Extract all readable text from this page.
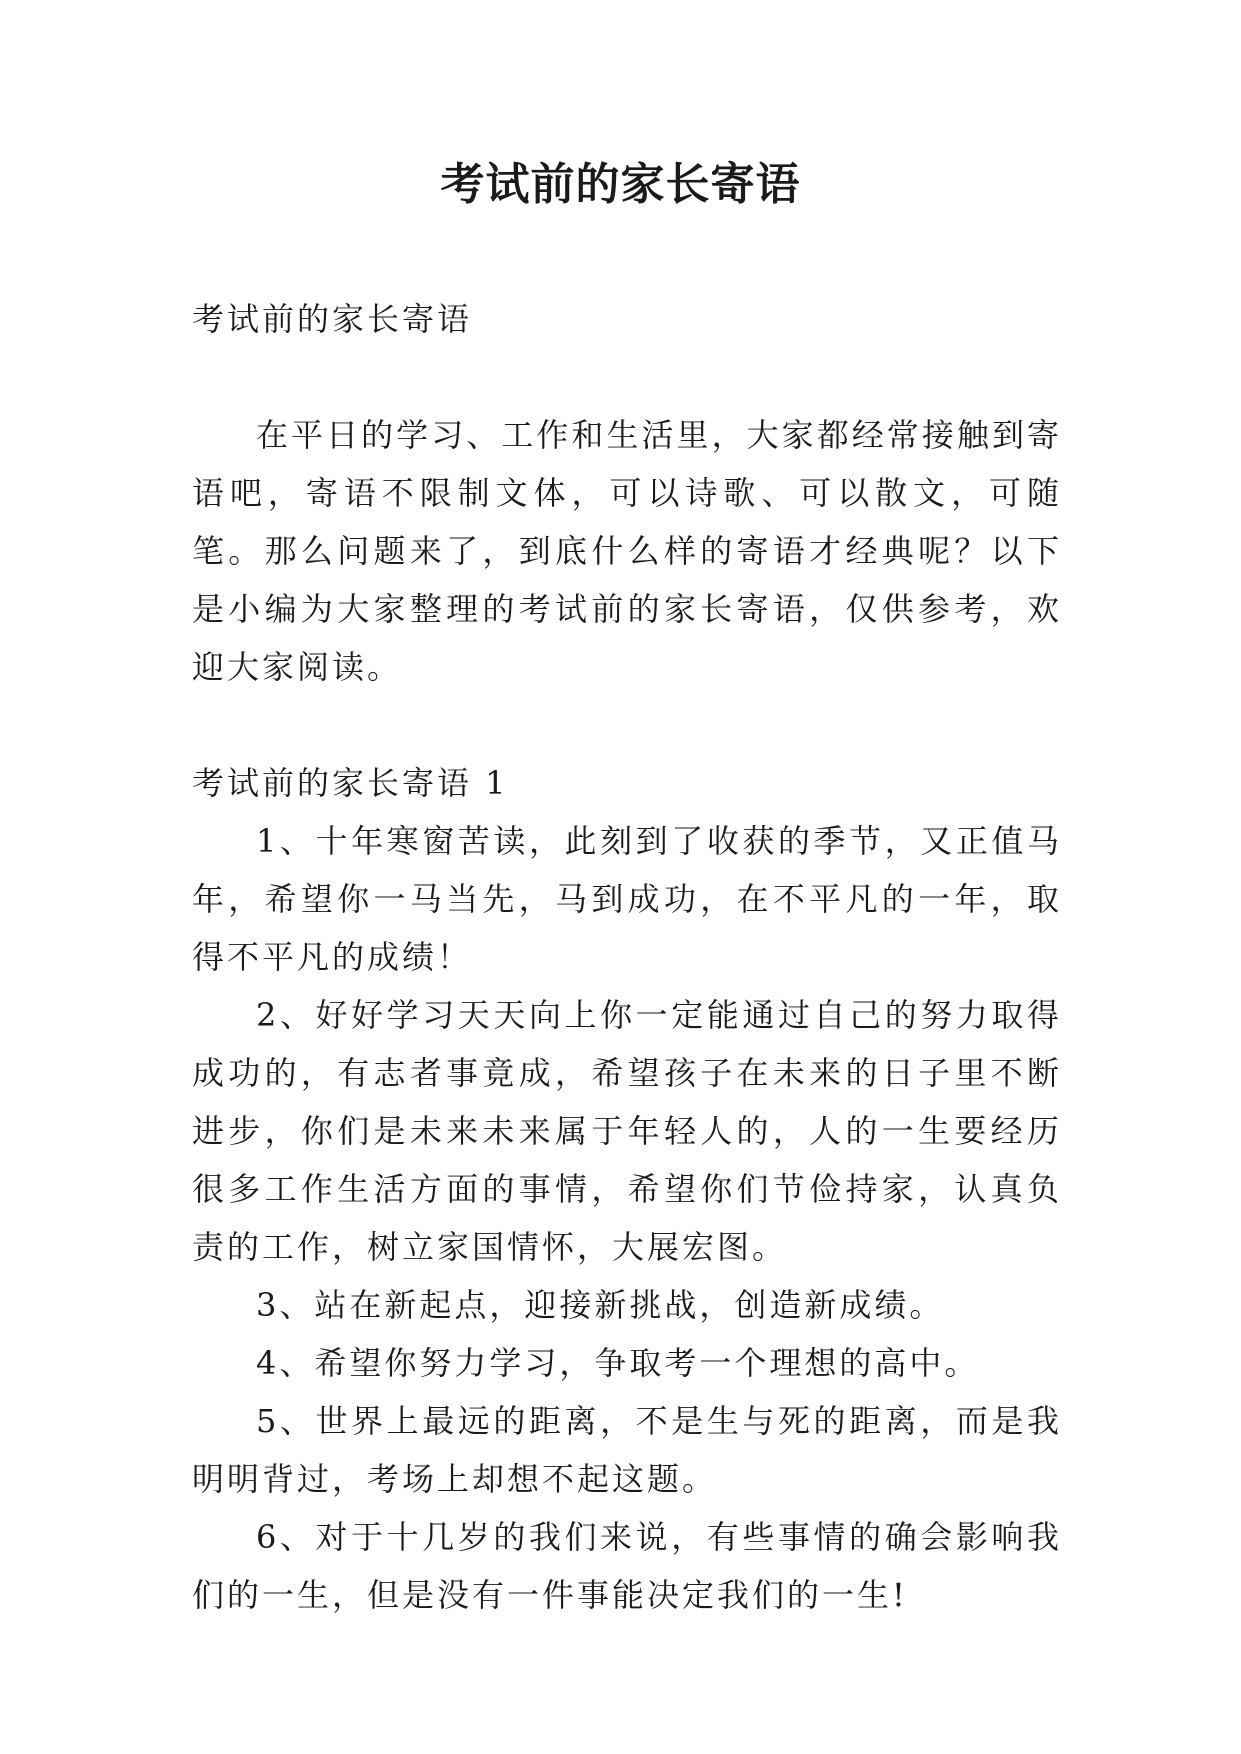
考试前的家长寄语

考试前的家长寄语

在平日的学习、工作和生活里，大家都经常接触到寄语吧，寄语不限制文体，可以诗歌、可以散文，可随笔。那么问题来了，到底什么样的寄语才经典呢？以下是小编为大家整理的考试前的家长寄语，仅供参考，欢迎大家阅读。

考试前的家长寄语 1

1、十年寒窗苦读，此刻到了收获的季节，又正值马年，希望你一马当先，马到成功，在不平凡的一年，取得不平凡的成绩！

2、好好学习天天向上你一定能通过自己的努力取得成功的，有志者事竟成，希望孩子在未来的日子里不断进步，你们是未来未来属于年轻人的，人的一生要经历很多工作生活方面的事情，希望你们节俭持家，认真负责的工作，树立家国情怀，大展宏图。

3、站在新起点，迎接新挑战，创造新成绩。

4、希望你努力学习，争取考一个理想的高中。

5、世界上最远的距离，不是生与死的距离，而是我明明背过，考场上却想不起这题。

6、对于十几岁的我们来说，有些事情的确会影响我们的一生，但是没有一件事能决定我们的一生!
